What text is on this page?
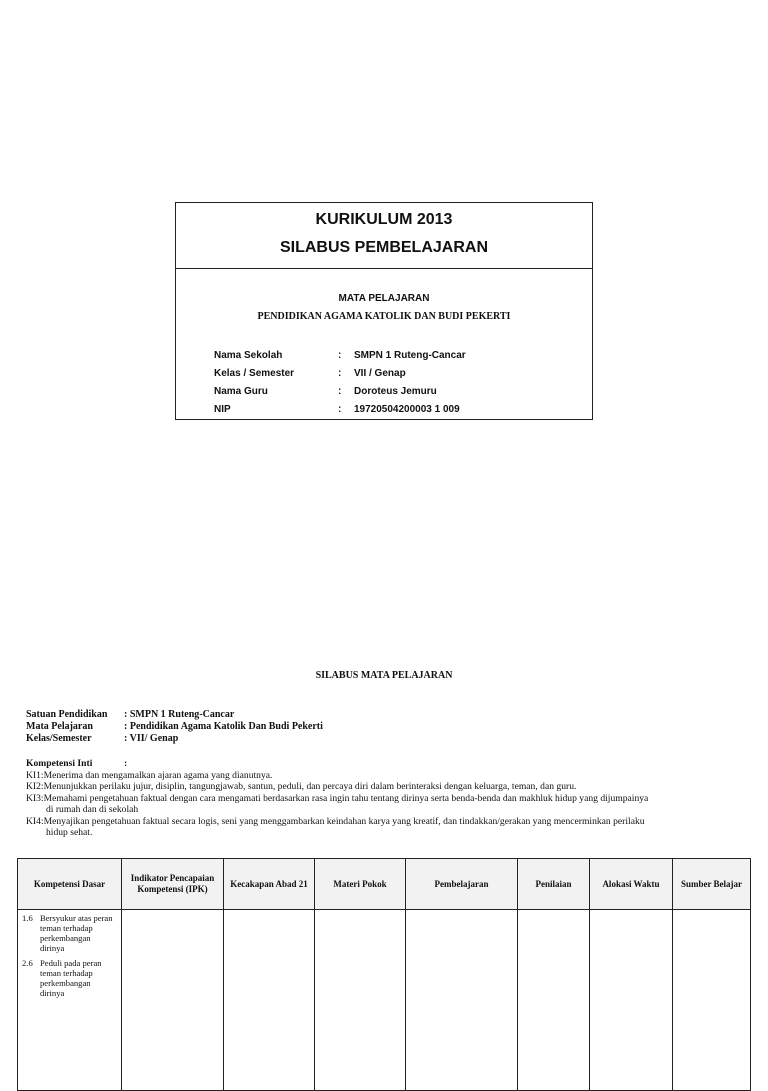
KURIKULUM 2013
SILABUS PEMBELAJARAN
MATA PELAJARAN
PENDIDIKAN AGAMA KATOLIK DAN BUDI PEKERTI
Nama Sekolah	: SMPN 1 Ruteng-Cancar
Kelas / Semester	: VII / Genap
Nama Guru	: Doroteus Jemuru
NIP	: 19720504200003 1 009
SILABUS MATA PELAJARAN
Satuan Pendidikan : SMPN 1 Ruteng-Cancar
Mata Pelajaran	: Pendidikan Agama Katolik Dan Budi Pekerti
Kelas/Semester	: VII/ Genap
Kompetensi Inti	:
KI1:Menerima dan mengamalkan ajaran agama yang dianutnya.
KI2:Menunjukkan perilaku jujur, disiplin, tangungjawab, santun, peduli, dan percaya diri dalam berinteraksi dengan keluarga, teman, dan guru.
KI3:Memahami pengetahuan faktual dengan cara mengamati berdasarkan rasa ingin tahu tentang dirinya serta benda-benda dan makhluk hidup yang dijumpainya
di rumah dan di sekolah
KI4:Menyajikan pengetahuan faktual secara logis, seni yang menggambarkan keindahan karya yang kreatif, dan tindakkan/gerakan yang mencerminkan perilaku
hidup sehat.
Kompetensi Dasar	Indikator Pencapaian Kompetensi (IPK)	Kecakapan Abad 21	Materi Pokok	Pembelajaran	Penilaian	Alokasi Waktu	Sumber Belajar

1.6 Bersyukur atas peran teman terhadap perkembangan dirinya
2.6 Peduli pada peran teman terhadap perkembangan dirinya							
